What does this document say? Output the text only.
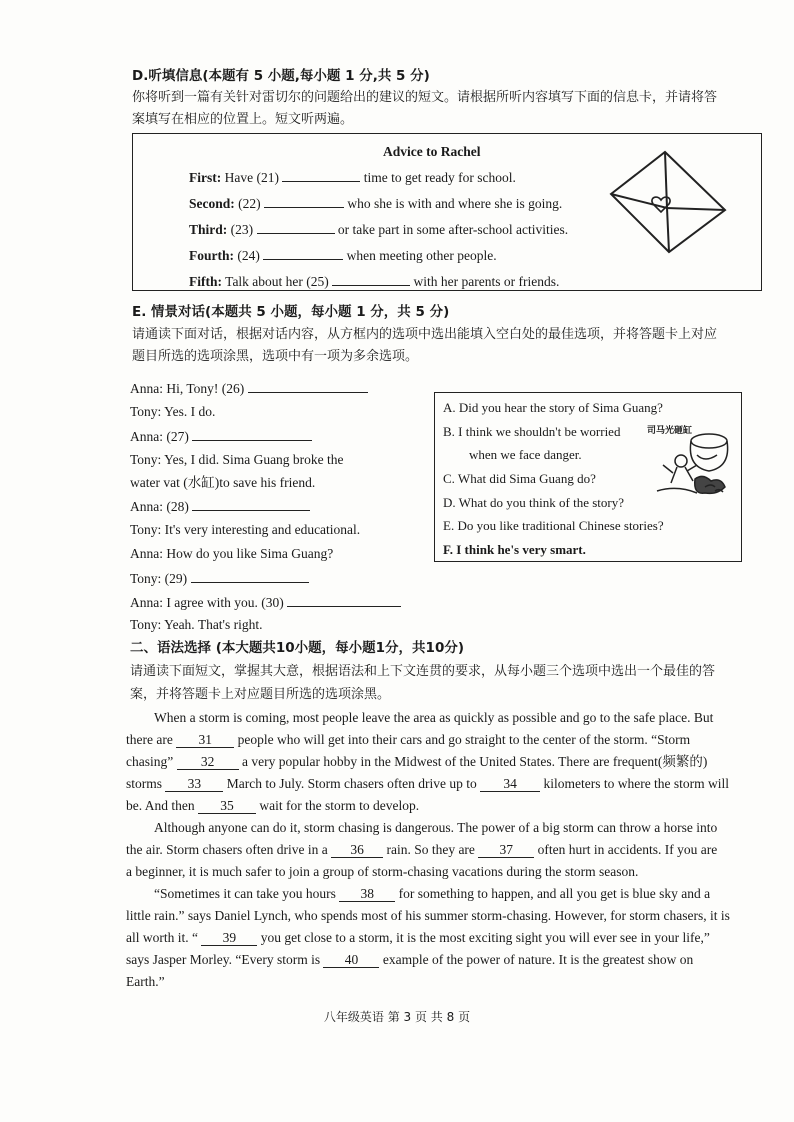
D.听填信息(本题有 5 小题,每小题 1 分,共 5 分)
你将听到一篇有关针对雷切尔的问题给出的建议的短文。请根据所听内容填写下面的信息卡，并请将答
案填写在相应的位置上。短文听两遍。
Advice to Rachel
First: Have (21)	time to get ready for school.
Second: (22)	who she is with and where she is going.
Third: (23)	or take part in some after-school activities.
Fourth: (24)	when meeting other people.
Fifth: Talk about her (25)	with her parents or friends.
E. 情景对话(本题共 5 小题，每小题 1 分，共 5 分)
请通读下面对话，根据对话内容，从方框内的选项中选出能填入空白处的最佳选项，并将答题卡上对应
题目所选的选项涂黑，选项中有一项为多余选项。
Anna: Hi, Tony! (26)
Tony: Yes. I do.
Anna: (27)
Tony: Yes, I did. Sima Guang broke the
water vat (水缸)to save his friend.
Anna: (28)
Tony: It's very interesting and educational.
Anna: How do you like Sima Guang?
Tony: (29)
Anna: I agree with you. (30)
Tony: Yeah. That's right.
A. Did you hear the story of Sima Guang?
B. I think we shouldn't be worried
when we face danger.
C. What did Sima Guang do?
D. What do you think of the story?
E. Do you like traditional Chinese stories?
F. I think he's very smart.
司马光砸缸
二、语法选择 (本大题共10小题，每小题1分，共10分)
请通读下面短文，掌握其大意，根据语法和上下文连贯的要求，从每小题三个选项中选出一个最佳的答
案，并将答题卡上对应题目所选的选项涂黑。
When a storm is coming, most people leave the area as quickly as possible and go to the safe place. But
there are 31 people who will get into their cars and go straight to the center of the storm. “Storm
chasing” 32 a very popular hobby in the Midwest of the United States. There are frequent(频繁的)
storms 33 March to July. Storm chasers often drive up to 34 kilometers to where the storm will
be. And then 35 wait for the storm to develop.
Although anyone can do it, storm chasing is dangerous. The power of a big storm can throw a horse into
the air. Storm chasers often drive in a 36 rain. So they are 37 often hurt in accidents. If you are
a beginner, it is much safer to join a group of storm-chasing vacations during the storm season.
“Sometimes it can take you hours 38 for something to happen, and all you get is blue sky and a
little rain.” says Daniel Lynch, who spends most of his summer storm-chasing. However, for storm chasers, it is
all worth it. “ 39 you get close to a storm, it is the most exciting sight you will ever see in your life,”
says Jasper Morley. “Every storm is 40 example of the power of nature. It is the greatest show on
Earth.”
八年级英语 第 3 页 共 8 页
